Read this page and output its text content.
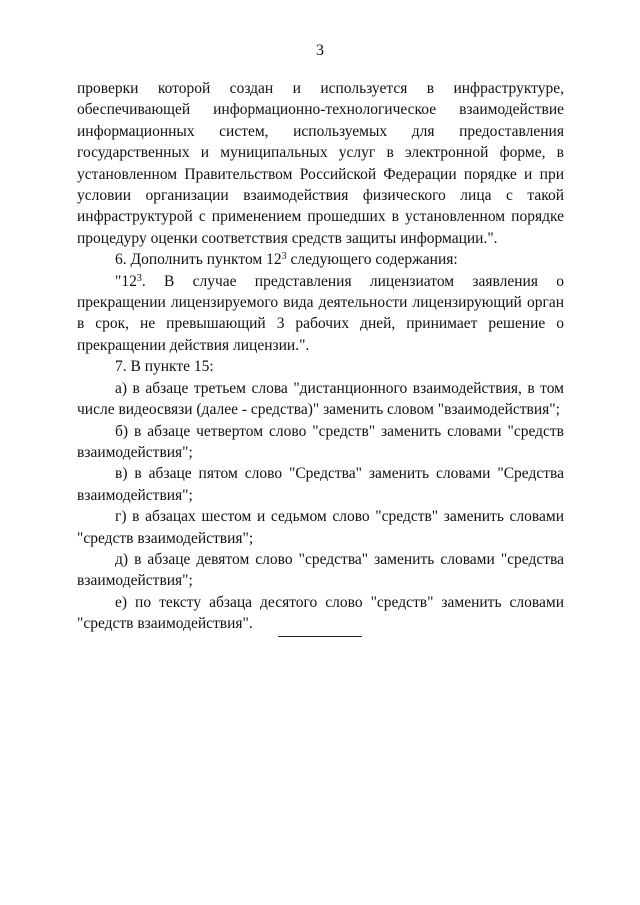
3

проверки которой создан и используется в инфраструктуре, обеспечивающей информационно-технологическое взаимодействие информационных систем, используемых для предоставления государственных и муниципальных услуг в электронной форме, в установленном Правительством Российской Федерации порядке и при условии организации взаимодействия физического лица с такой инфраструктурой с применением прошедших в установленном порядке процедуру оценки соответствия средств защиты информации.".

6. Дополнить пунктом $12^3$ следующего содержания:

"$12^3$. В случае представления лицензиатом заявления о прекращении лицензируемого вида деятельности лицензирующий орган в срок, не превышающий 3 рабочих дней, принимает решение о прекращении действия лицензии.".

7. В пункте 15:

а) в абзаце третьем слова "дистанционного взаимодействия, в том числе видеосвязи (далее - средства)" заменить словом "взаимодействия";

б) в абзаце четвертом слово "средств" заменить словами "средств взаимодействия";

в) в абзаце пятом слово "Средства" заменить словами "Средства взаимодействия";

г) в абзацах шестом и седьмом слово "средств" заменить словами "средств взаимодействия";

д) в абзаце девятом слово "средства" заменить словами "средства взаимодействия";

е) по тексту абзаца десятого слово "средств" заменить словами "средств взаимодействия".
